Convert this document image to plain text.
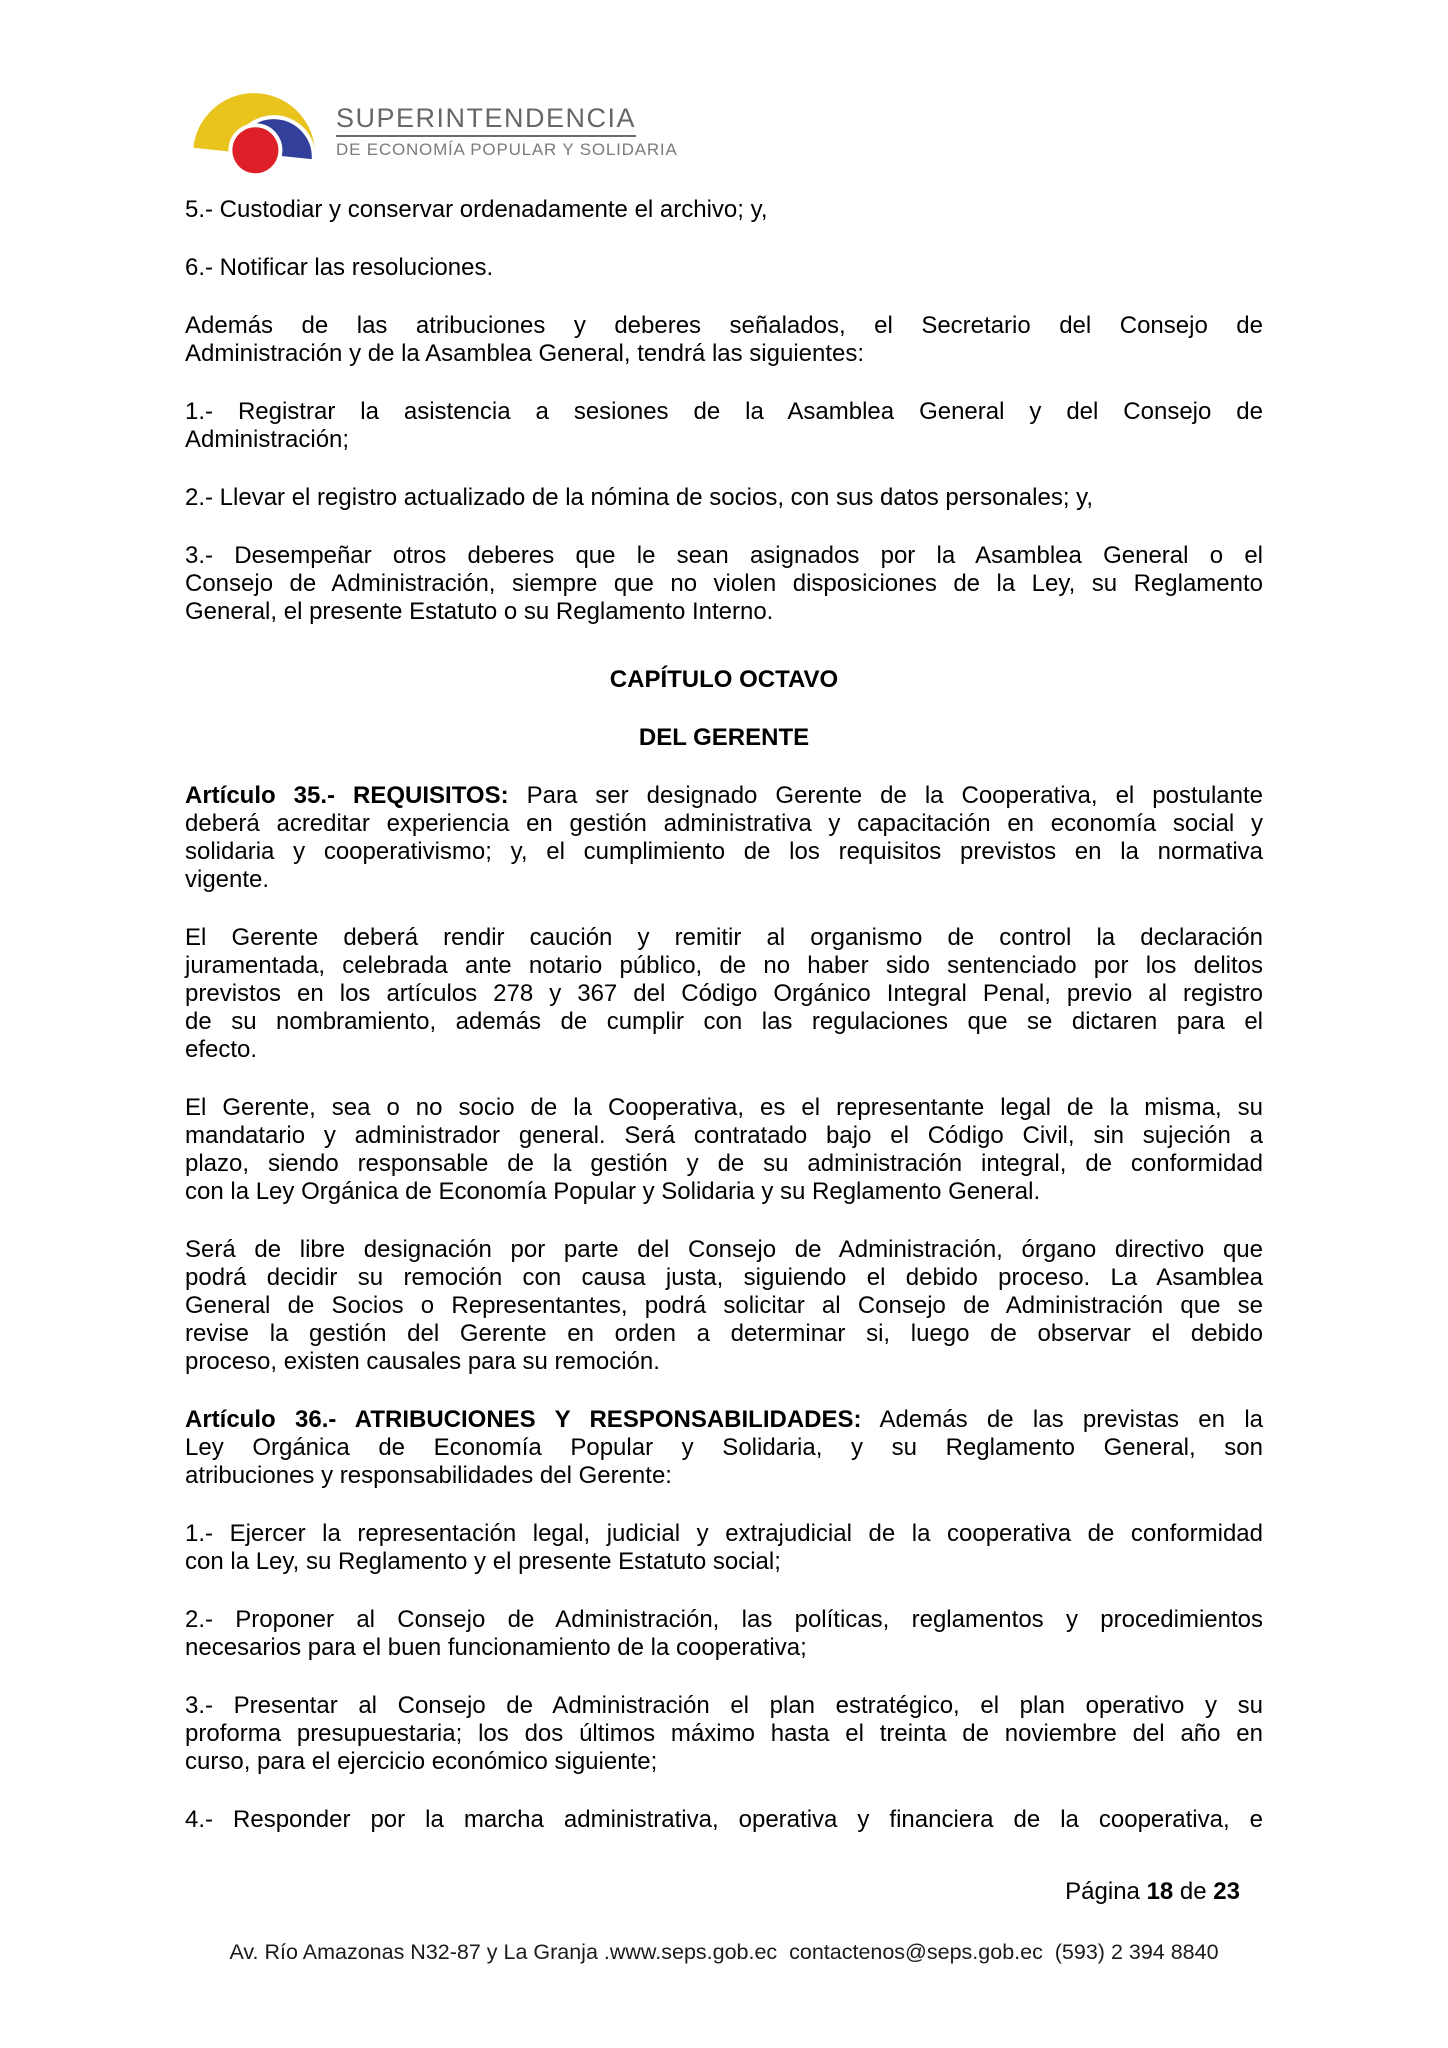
SUPERINTENDENCIA
DE ECONOMÍA POPULAR Y SOLIDARIA
5.- Custodiar y conservar ordenadamente el archivo; y,
6.- Notificar las resoluciones.
Además de las atribuciones y deberes señalados, el Secretario del Consejo de
Administración y de la Asamblea General, tendrá las siguientes:
1.- Registrar la asistencia a sesiones de la Asamblea General y del Consejo de
Administración;
2.- Llevar el registro actualizado de la nómina de socios, con sus datos personales; y,
3.- Desempeñar otros deberes que le sean asignados por la Asamblea General o el
Consejo de Administración, siempre que no violen disposiciones de la Ley, su Reglamento
General, el presente Estatuto o su Reglamento Interno.
CAPÍTULO OCTAVO
DEL GERENTE
Artículo 35.- REQUISITOS: Para ser designado Gerente de la Cooperativa, el postulante
deberá acreditar experiencia en gestión administrativa y capacitación en economía social y
solidaria y cooperativismo; y, el cumplimiento de los requisitos previstos en la normativa
vigente.
El Gerente deberá rendir caución y remitir al organismo de control la declaración
juramentada, celebrada ante notario público, de no haber sido sentenciado por los delitos
previstos en los artículos 278 y 367 del Código Orgánico Integral Penal, previo al registro
de su nombramiento, además de cumplir con las regulaciones que se dictaren para el
efecto.
El Gerente, sea o no socio de la Cooperativa, es el representante legal de la misma, su
mandatario y administrador general. Será contratado bajo el Código Civil, sin sujeción a
plazo, siendo responsable de la gestión y de su administración integral, de conformidad
con la Ley Orgánica de Economía Popular y Solidaria y su Reglamento General.
Será de libre designación por parte del Consejo de Administración, órgano directivo que
podrá decidir su remoción con causa justa, siguiendo el debido proceso. La Asamblea
General de Socios o Representantes, podrá solicitar al Consejo de Administración que se
revise la gestión del Gerente en orden a determinar si, luego de observar el debido
proceso, existen causales para su remoción.
Artículo 36.- ATRIBUCIONES Y RESPONSABILIDADES: Además de las previstas en la
Ley Orgánica de Economía Popular y Solidaria, y su Reglamento General, son
atribuciones y responsabilidades del Gerente:
1.- Ejercer la representación legal, judicial y extrajudicial de la cooperativa de conformidad
con la Ley, su Reglamento y el presente Estatuto social;
2.- Proponer al Consejo de Administración, las políticas, reglamentos y procedimientos
necesarios para el buen funcionamiento de la cooperativa;
3.- Presentar al Consejo de Administración el plan estratégico, el plan operativo y su
proforma presupuestaria; los dos últimos máximo hasta el treinta de noviembre del año en
curso, para el ejercicio económico siguiente;
4.- Responder por la marcha administrativa, operativa y financiera de la cooperativa, e
Página 18 de 23
Av. Río Amazonas N32-87 y La Granja .www.seps.gob.ec  contactenos@seps.gob.ec  (593) 2 394 8840
